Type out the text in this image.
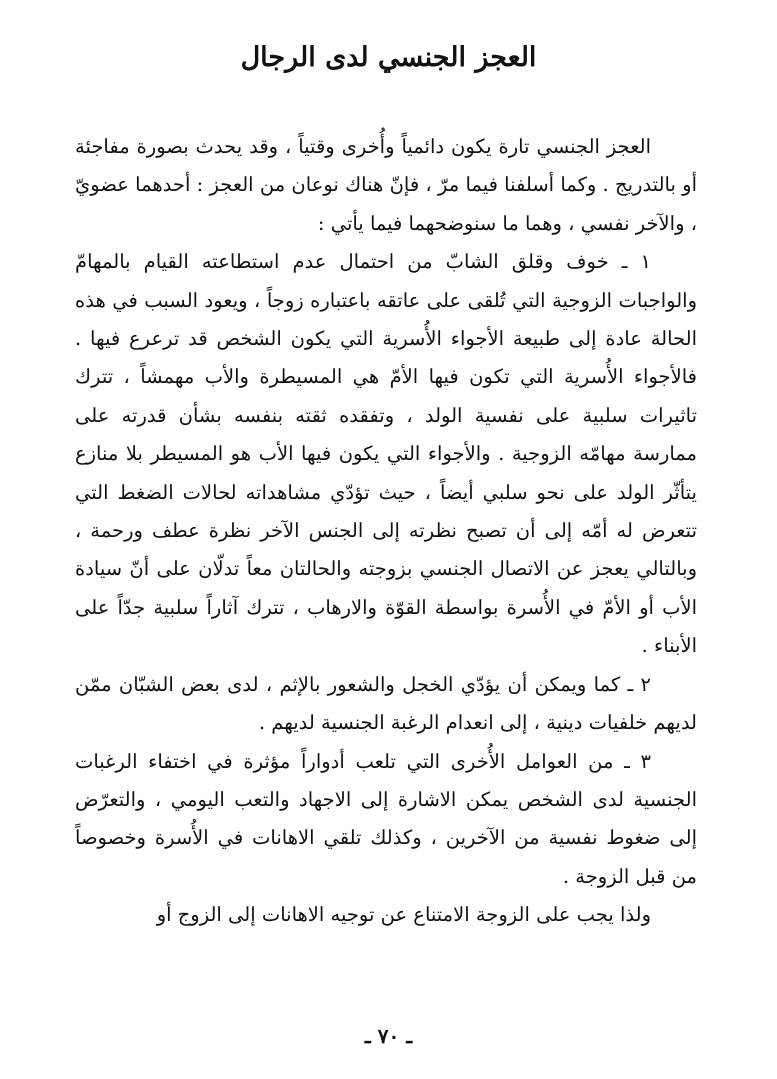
العجز الجنسي لدى الرجال

العجز الجنسي تارة يكون دائمياً وأُخرى وقتياً ، وقد يحدث بصورة مفاجئة أو بالتدريج . وكما أسلفنا فيما مرّ ، فإنّ هناك نوعان من العجز : أحدهما عضويّ ، والآخر نفسي ، وهما ما سنوضحهما فيما يأتي :

١ ـ خوف وقلق الشابّ من احتمال عدم استطاعته القيام بالمهامّ والواجبات الزوجية التي تُلقى على عاتقه باعتباره زوجاً ، ويعود السبب في هذه الحالة عادة إلى طبيعة الأجواء الأُسرية التي يكون الشخص قد ترعرع فيها . فالأجواء الأُسرية التي تكون فيها الأمّ هي المسيطرة والأب مهمشاً ، تترك تاثيرات سلبية على نفسية الولد ، وتفقده ثقته بنفسه بشأن قدرته على ممارسة مهامّه الزوجية . والأجواء التي يكون فيها الأب هو المسيطر بلا منازع يتأثّر الولد على نحو سلبي أيضاً ، حيث تؤدّي مشاهداته لحالات الضغط التي تتعرض له أمّه إلى أن تصبح نظرته إلى الجنس الآخر نظرة عطف ورحمة ، وبالتالي يعجز عن الاتصال الجنسي بزوجته والحالتان معاً تدلّان على أنّ سيادة الأب أو الأمّ في الأُسرة بواسطة القوّة والارهاب ، تترك آثاراً سلبية جدّاً على الأبناء .

٢ ـ كما ويمكن أن يؤدّي الخجل والشعور بالإثم ، لدى بعض الشبّان ممّن لديهم خلفيات دينية ، إلى انعدام الرغبة الجنسية لديهم .

٣ ـ من العوامل الأُخرى التي تلعب أدواراً مؤثرة في اختفاء الرغبات الجنسية لدى الشخص يمكن الاشارة إلى الاجهاد والتعب اليومي ، والتعرّض إلى ضغوط نفسية من الآخرين ، وكذلك تلقي الاهانات في الأُسرة وخصوصاً من قبل الزوجة .

ولذا يجب على الزوجة الامتناع عن توجيه الاهانات إلى الزوج أو

ـ ٧٠ ـ
